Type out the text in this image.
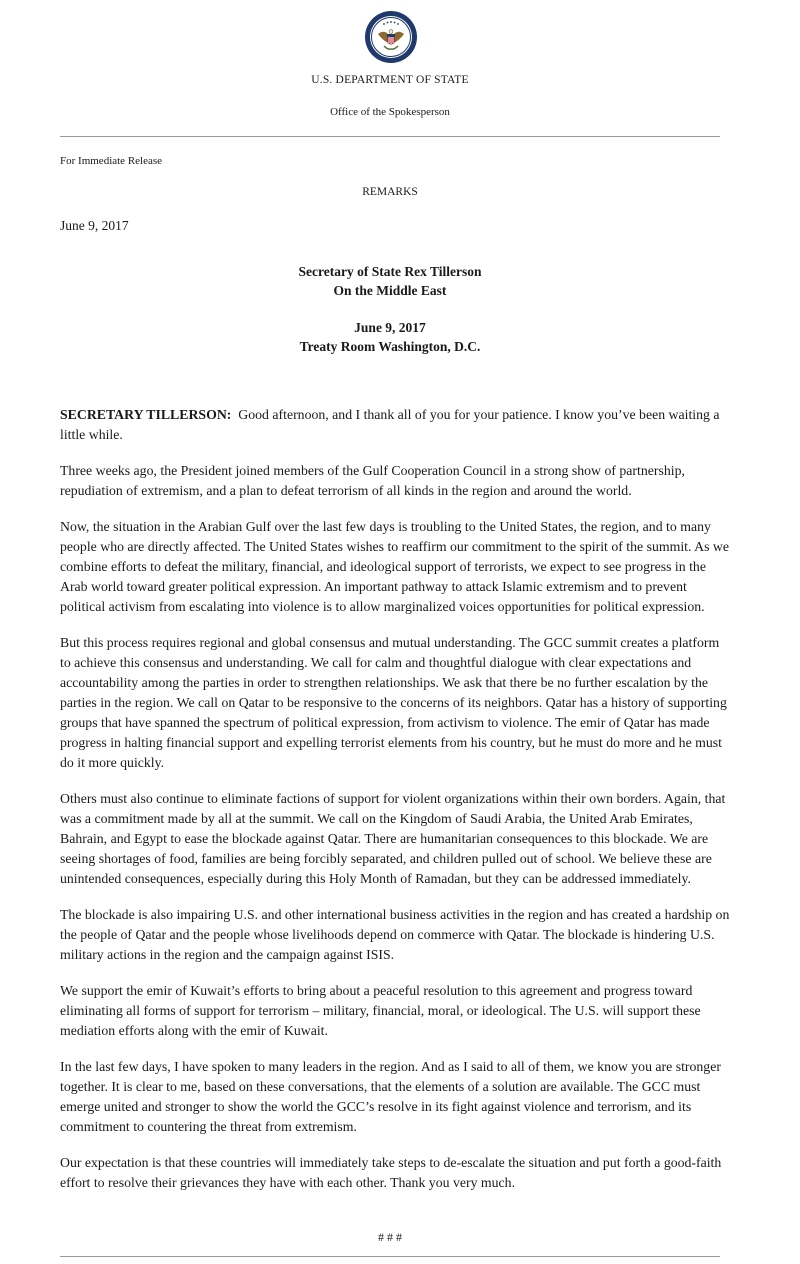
U.S. DEPARTMENT OF STATE
Office of the Spokesperson
For Immediate Release
REMARKS
June 9, 2017
Secretary of State Rex Tillerson
On the Middle East
June 9, 2017
Treaty Room Washington, D.C.

SECRETARY TILLERSON: Good afternoon, and I thank all of you for your patience. I know you’ve been waiting a little while.

Three weeks ago, the President joined members of the Gulf Cooperation Council in a strong show of partnership, repudiation of extremism, and a plan to defeat terrorism of all kinds in the region and around the world.

Now, the situation in the Arabian Gulf over the last few days is troubling to the United States, the region, and to many people who are directly affected. The United States wishes to reaffirm our commitment to the spirit of the summit. As we combine efforts to defeat the military, financial, and ideological support of terrorists, we expect to see progress in the Arab world toward greater political expression. An important pathway to attack Islamic extremism and to prevent political activism from escalating into violence is to allow marginalized voices opportunities for political expression.

But this process requires regional and global consensus and mutual understanding. The GCC summit creates a platform to achieve this consensus and understanding. We call for calm and thoughtful dialogue with clear expectations and accountability among the parties in order to strengthen relationships. We ask that there be no further escalation by the parties in the region. We call on Qatar to be responsive to the concerns of its neighbors. Qatar has a history of supporting groups that have spanned the spectrum of political expression, from activism to violence. The emir of Qatar has made progress in halting financial support and expelling terrorist elements from his country, but he must do more and he must do it more quickly.

Others must also continue to eliminate factions of support for violent organizations within their own borders. Again, that was a commitment made by all at the summit. We call on the Kingdom of Saudi Arabia, the United Arab Emirates, Bahrain, and Egypt to ease the blockade against Qatar. There are humanitarian consequences to this blockade. We are seeing shortages of food, families are being forcibly separated, and children pulled out of school. We believe these are unintended consequences, especially during this Holy Month of Ramadan, but they can be addressed immediately.

The blockade is also impairing U.S. and other international business activities in the region and has created a hardship on the people of Qatar and the people whose livelihoods depend on commerce with Qatar. The blockade is hindering U.S. military actions in the region and the campaign against ISIS.

We support the emir of Kuwait’s efforts to bring about a peaceful resolution to this agreement and progress toward eliminating all forms of support for terrorism – military, financial, moral, or ideological. The U.S. will support these mediation efforts along with the emir of Kuwait.

In the last few days, I have spoken to many leaders in the region. And as I said to all of them, we know you are stronger together. It is clear to me, based on these conversations, that the elements of a solution are available. The GCC must emerge united and stronger to show the world the GCC’s resolve in its fight against violence and terrorism, and its commitment to countering the threat from extremism.

Our expectation is that these countries will immediately take steps to de-escalate the situation and put forth a good-faith effort to resolve their grievances they have with each other. Thank you very much.

# # #
